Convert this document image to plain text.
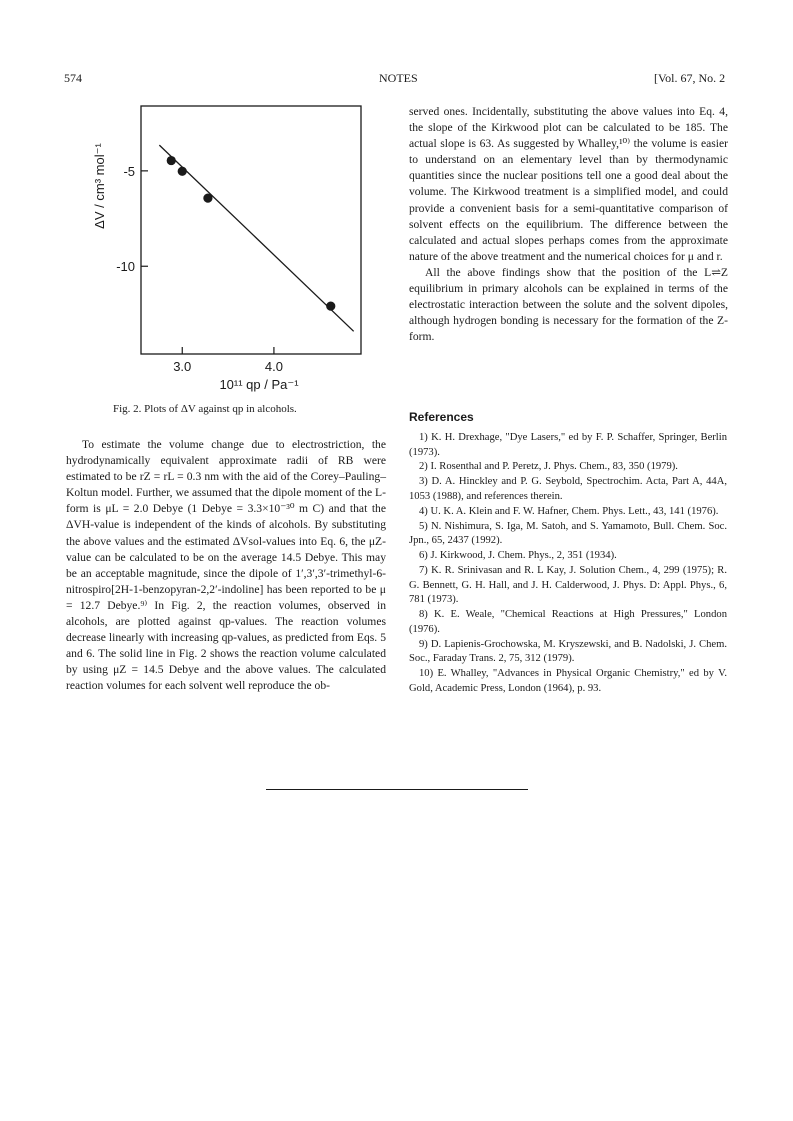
574	NOTES	[Vol. 67, No. 2
3.0	4.0
-5
-10
10¹¹ qp / Pa⁻¹
ΔV / cm³ mol⁻¹
Fig. 2. Plots of ΔV against qp in alcohols.

To estimate the volume change due to electrostriction, the hydrodynamically equivalent approximate radii of RB were estimated to be rZ = rL = 0.3 nm with the aid of the Corey–Pauling–Koltun model. Further, we assumed that the dipole moment of the L-form is μL = 2.0 Debye (1 Debye = 3.3×10⁻³⁰ m C) and that the ΔVH-value is independent of the kinds of alcohols. By substituting the above values and the estimated ΔVsol-values into Eq. 6, the μZ-value can be calculated to be on the average 14.5 Debye. This may be an acceptable magnitude, since the dipole of 1′,3′,3′-trimethyl-6-nitrospiro[2H-1-benzopyran-2,2′-indoline] has been reported to be μ = 12.7 Debye.⁹⁾ In Fig. 2, the reaction volumes, observed in alcohols, are plotted against qp-values. The reaction volumes decrease linearly with increasing qp-values, as predicted from Eqs. 5 and 6. The solid line in Fig. 2 shows the reaction volume calculated by using μZ = 14.5 Debye and the above values. The calculated reaction volumes for each solvent well reproduce the ob-

served ones. Incidentally, substituting the above values into Eq. 4, the slope of the Kirkwood plot can be calculated to be 185. The actual slope is 63. As suggested by Whalley,¹⁰⁾ the volume is easier to understand on an elementary level than by thermodynamic quantities since the nuclear positions tell one a good deal about the volume. The Kirkwood treatment is a simplified model, and could provide a convenient basis for a semi-quantitative comparison of solvent effects on the equilibrium. The difference between the calculated and actual slopes perhaps comes from the approximate nature of the above treatment and the numerical choices for μ and r.

All the above findings show that the position of the L⇌Z equilibrium in primary alcohols can be explained in terms of the electrostatic interaction between the solute and the solvent dipoles, although hydrogen bonding is necessary for the formation of the Z-form.

References

1) K. H. Drexhage, "Dye Lasers," ed by F. P. Schaffer, Springer, Berlin (1973).

2) I. Rosenthal and P. Peretz, J. Phys. Chem., 83, 350 (1979).

3) D. A. Hinckley and P. G. Seybold, Spectrochim. Acta, Part A, 44A, 1053 (1988), and references therein.

4) U. K. A. Klein and F. W. Hafner, Chem. Phys. Lett., 43, 141 (1976).

5) N. Nishimura, S. Iga, M. Satoh, and S. Yamamoto, Bull. Chem. Soc. Jpn., 65, 2437 (1992).

6) J. Kirkwood, J. Chem. Phys., 2, 351 (1934).

7) K. R. Srinivasan and R. L Kay, J. Solution Chem., 4, 299 (1975); R. G. Bennett, G. H. Hall, and J. H. Calderwood, J. Phys. D: Appl. Phys., 6, 781 (1973).

8) K. E. Weale, "Chemical Reactions at High Pressures," London (1976).

9) D. Lapienis-Grochowska, M. Kryszewski, and B. Nadolski, J. Chem. Soc., Faraday Trans. 2, 75, 312 (1979).

10) E. Whalley, "Advances in Physical Organic Chemistry," ed by V. Gold, Academic Press, London (1964), p. 93.
